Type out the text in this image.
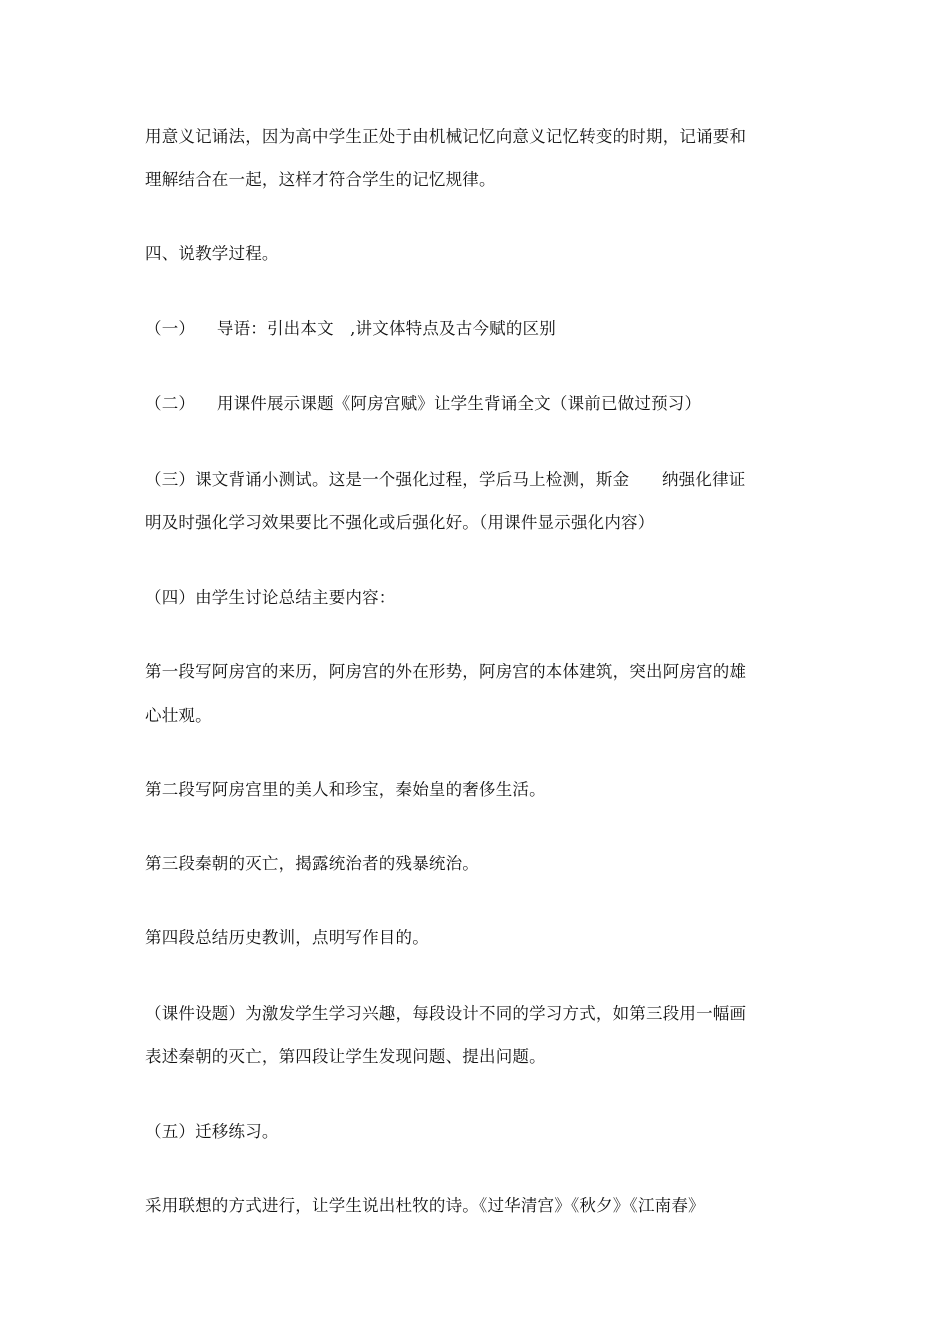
用意义记诵法，因为高中学生正处于由机械记忆向意义记忆转变的时期，记诵要和
理解结合在一起，这样才符合学生的记忆规律。
四、说教学过程。
（一）    导语：引出本文   ,讲文体特点及古今赋的区别
（二）    用课件展示课题《阿房宫赋》让学生背诵全文（课前已做过预习）
（三）课文背诵小测试。这是一个强化过程，学后马上检测，斯金      纳强化律证
明及时强化学习效果要比不强化或后强化好。（用课件显示强化内容）
（四）由学生讨论总结主要内容：
第一段写阿房宫的来历，阿房宫的外在形势，阿房宫的本体建筑，突出阿房宫的雄
心壮观。
第二段写阿房宫里的美人和珍宝，秦始皇的奢侈生活。
第三段秦朝的灭亡，揭露统治者的残暴统治。
第四段总结历史教训，点明写作目的。
（课件设题）为激发学生学习兴趣，每段设计不同的学习方式，如第三段用一幅画
表述秦朝的灭亡，第四段让学生发现问题、提出问题。
（五）迁移练习。
采用联想的方式进行，让学生说出杜牧的诗。《过华清宫》《秋夕》《江南春》
